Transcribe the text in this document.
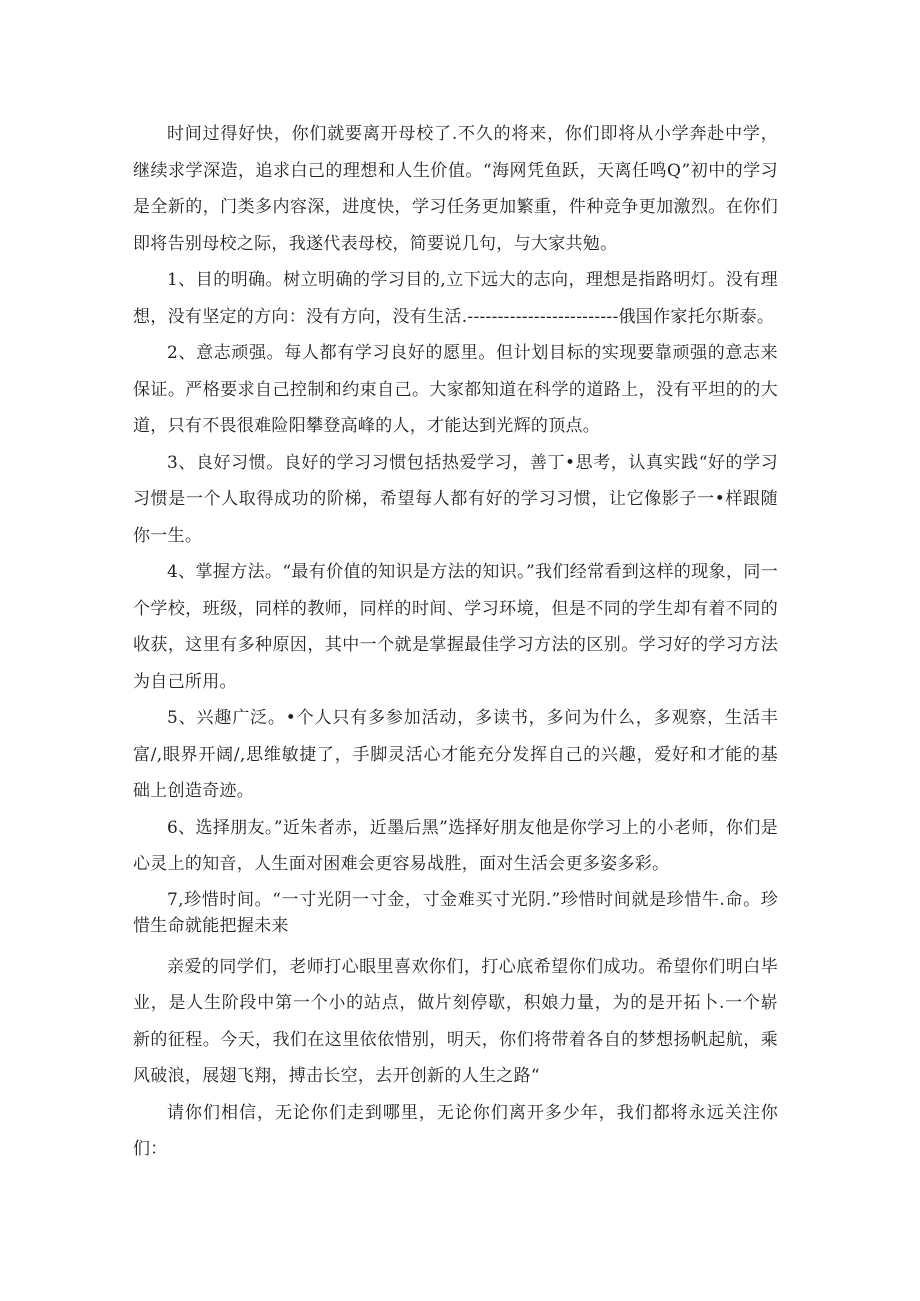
时间过得好快，你们就要离开母校了.不久的将来，你们即将从小学奔赴中学，继续求学深造，追求白己的理想和人生价值。“海网凭鱼跃，天离任鸣Q”初中的学习是全新的，门类多内容深，进度快，学习任务更加繁重，件种竞争更加激烈。在你们即将告别母校之际，我遂代表母校，简要说几句，与大家共勉。

1、目的明确。树立明确的学习目的,立下远大的志向，理想是指路明灯。没有理想，没有坚定的方向：没有方向，没有生活.-------------------------俄国作家托尔斯泰。

2、意志顽强。每人都有学习良好的愿里。但计划目标的实现要靠顽强的意志来保证。严格要求自己控制和约束自己。大家都知道在科学的道路上，没有平坦的的大道，只有不畏很难险阳攀登高峰的人，才能达到光辉的顶点。

3、良好习惯。良好的学习习惯包括热爱学习，善丁•思考，认真实践“好的学习习惯是一个人取得成功的阶梯，希望每人都有好的学习习惯，让它像影子一•样跟随你一生。

4、掌握方法。“最有价值的知识是方法的知识。”我们经常看到这样的现象，同一个学校，班级，同样的教师，同样的时间、学习环境，但是不同的学生却有着不同的收获，这里有多种原因，其中一个就是掌握最佳学习方法的区别。学习好的学习方法为自己所用。

5、兴趣广泛。•个人只有多参加活动，多读书，多问为什么，多观察，生活丰富/,眼界开阔/,思维敏捷了，手脚灵活心才能充分发挥自己的兴趣，爱好和才能的基础上创造奇迹。

6、选择朋友。”近朱者赤，近墨后黑”选择好朋友他是你学习上的小老师，你们是心灵上的知音，人生面对困难会更容易战胜，面对生活会更多姿多彩。

7,珍惜时间。“一寸光阴一寸金，寸金难买寸光阴.”珍惜时间就是珍惜牛.命。珍惜生命就能把握未来

亲爱的同学们，老师打心眼里喜欢你们，打心底希望你们成功。希望你们明白毕业，是人生阶段中第一个小的站点，做片刻停歇，积娘力量，为的是开拓卜.一个崭新的征程。今天，我们在这里依依惜别，明天，你们将带着各自的梦想扬帆起航，乘风破浪，展翅飞翔，搏击长空，去开创新的人生之路“

请你们相信，无论你们走到哪里，无论你们离开多少年，我们都将永远关注你们：
